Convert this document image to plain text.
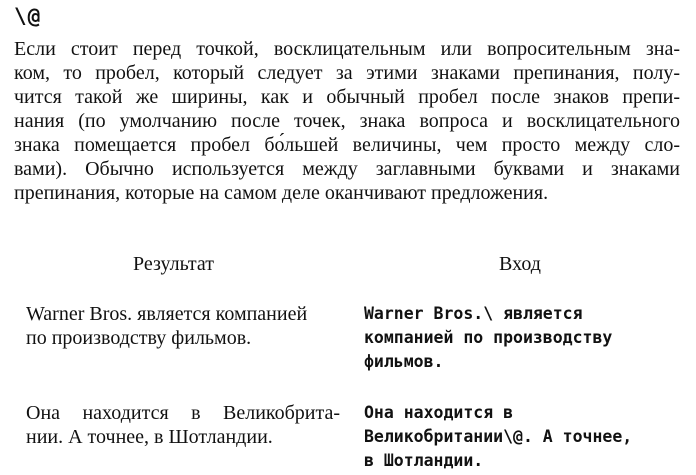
\@
Если стоит перед точкой, восклицательным или вопросительным зна-
ком, то пробел, который следует за этими знаками препинания, полу-
чится такой же ширины, как и обычный пробел после знаков препи-
нания (по умолчанию после точек, знака вопроса и восклицательного
знака помещается пробел бо́льшей величины, чем просто между сло-
вами). Обычно используется между заглавными буквами и знаками
препинания, которые на самом деле оканчивают предложения.
Результат	Вход
Warner Bros. является компанией
по производству фильмов.
Warner Bros.\ является
компанией по производству
фильмов.
Она находится в Великобрита-
нии. А точнее, в Шотландии.
Она находится в
Великобритании\@. А точнее,
в Шотландии.
